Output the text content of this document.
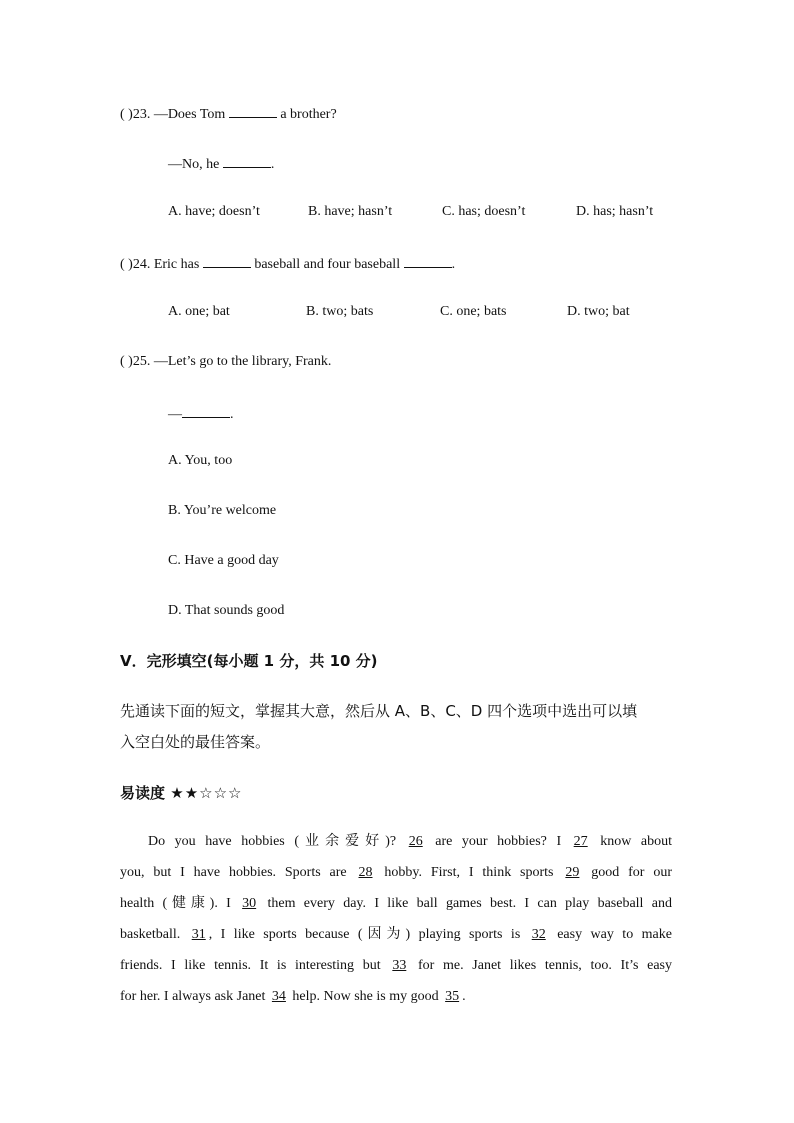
( )23. —Does Tom	a brother?
—No, he	.
A. have; doesn’t	B. have; hasn’t	C. has; doesn’t	D. has; hasn’t
( )24. Eric has	baseball and four baseball	.
A. one; bat	B. two; bats	C. one; bats	D. two; bat
( )25. —Let’s go to the library, Frank.
—	.
A. You, too
B. You’re welcome
C. Have a good day
D. That sounds good
V．完形填空(每小题 1 分，共 10 分)
先通读下面的短文，掌握其大意，然后从 A、B、C、D 四个选项中选出可以填
入空白处的最佳答案。
易读度 ★★☆☆☆
Do you have hobbies (业余爱好)? 26 are your hobbies? I 27 know about
you, but I have hobbies. Sports are 28 hobby. First, I think sports 29 good for our
health (健康). I 30 them every day. I like ball games best. I can play baseball and
basketball. 31 , I like sports because (因为) playing sports is 32 easy way to make
friends. I like tennis. It is interesting but 33 for me. Janet likes tennis, too. It’s easy
for her. I always ask Janet 34 help. Now she is my good 35 .
